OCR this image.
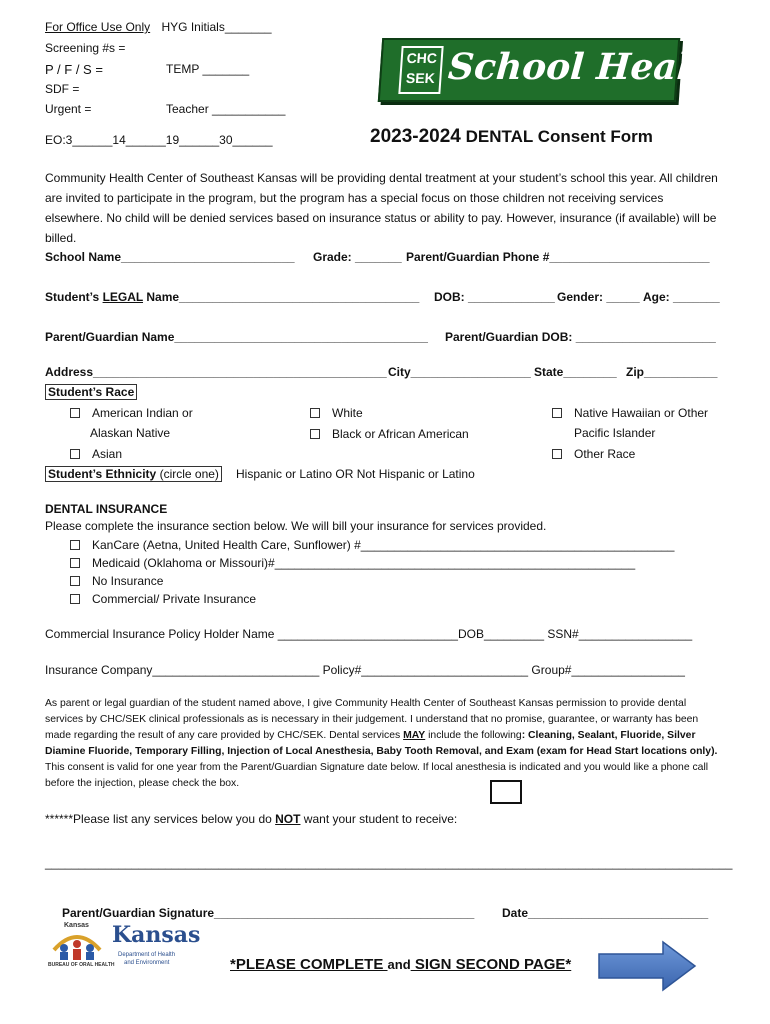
For Office Use Only HYG Initials_______
Screening #s =
P / F / S =	TEMP _______
SDF =
Urgent =	Teacher ___________
EO:3______14______19______30______
CHC
SEK School Health
2023-2024 DENTAL Consent Form
Community Health Center of Southeast Kansas will be providing dental treatment at your student’s school this year. All children are invited to participate in the program, but the program has a special focus on those children not receiving services elsewhere. No child will be denied services based on insurance status or ability to pay. However, insurance (if available) will be billed.
School Name__________________________ Grade: _______ Parent/Guardian Phone #________________________
Student’s LEGAL Name____________________________________ DOB: _____________ Gender: _____ Age: _______
Parent/Guardian Name______________________________________ Parent/Guardian DOB: _____________________
Address____________________________________________ City__________________ State________ Zip___________
Student’s Race
American Indian or
Alaskan Native
White
Black or African American
Native Hawaiian or Other
Pacific Islander
Asian	Other Race
Student’s Ethnicity (circle one) Hispanic or Latino OR Not Hispanic or Latino
DENTAL INSURANCE
Please complete the insurance section below. We will bill your insurance for services provided.
KanCare (Aetna, United Health Care, Sunflower) #_______________________________________________
Medicaid (Oklahoma or Missouri)#______________________________________________________
No Insurance
Commercial/ Private Insurance
Commercial Insurance Policy Holder Name ___________________________DOB_________ SSN#_________________
Insurance Company_________________________ Policy#_________________________ Group#_________________
As parent or legal guardian of the student named above, I give Community Health Center of Southeast Kansas permission to provide dental services by CHC/SEK clinical professionals as is necessary in their judgement. I understand that no promise, guarantee, or warranty has been made regarding the result of any care provided by CHC/SEK. Dental services MAY include the following: Cleaning, Sealant, Fluoride, Silver Diamine Fluoride, Temporary Filling, Injection of Local Anesthesia, Baby Tooth Removal, and Exam (exam for Head Start locations only). This consent is valid for one year from the Parent/Guardian Signature date below. If local anesthesia is indicated and you would like a phone call before the injection, please check the box.
******Please list any services below you do NOT want your student to receive:
_______________________________________________________________________________________________________
Parent/Guardian Signature_______________________________________ Date___________________________
Kansas
BUREAU OF ORAL HEALTH
Kansas
Department of Health
and Environment	*PLEASE COMPLETE and SIGN SECOND PAGE*
